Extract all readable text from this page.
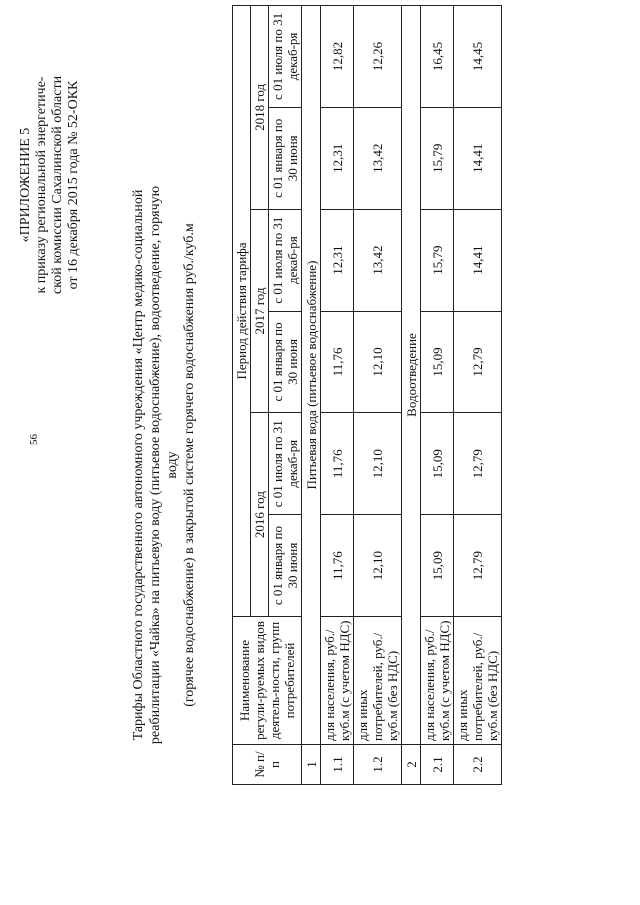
56
«ПРИЛОЖЕНИЕ 5 к приказу региональной энергетиче- ской комиссии Сахалинской области от 16 декабря 2015 года № 52-ОКК
Тарифы Областного государственного автономного учреждения «Центр медико-социальной реабилитации «Чайка» на питьевую воду (питьевое водоснабжение), водоотведение, горячую воду (горячее водоснабжение) в закрытой системе горячего водоснабжения руб./куб.м
№ п/п	Наименование регули-руемых видов деятель-ности, групп потребителей	Период действия тарифа					
		2016 год		2017 год		2018 год	
		с 01 января по 30 июня	с 01 июля по 31 декаб-ря	с 01 января по 30 июня	с 01 июля по 31 декаб-ря	с 01 января по 30 июня	с 01 июля по 31 декаб-ря
1	Питьевая вода (питьевое водоснабжение)						
1.1	для населения, руб./куб.м (с учетом НДС)	11,76	11,76	11,76	12,31	12,31	12,82
1.2	для иных потребителей, руб./куб.м (без НДС)	12,10	12,10	12,10	13,42	13,42	12,26
2	Водоотведение						
2.1	для населения, руб./куб.м (с учетом НДС)	15,09	15,09	15,09	15,79	15,79	16,45
2.2	для иных потребителей, руб./куб.м (без НДС)	12,79	12,79	12,79	14,41	14,41	14,45
